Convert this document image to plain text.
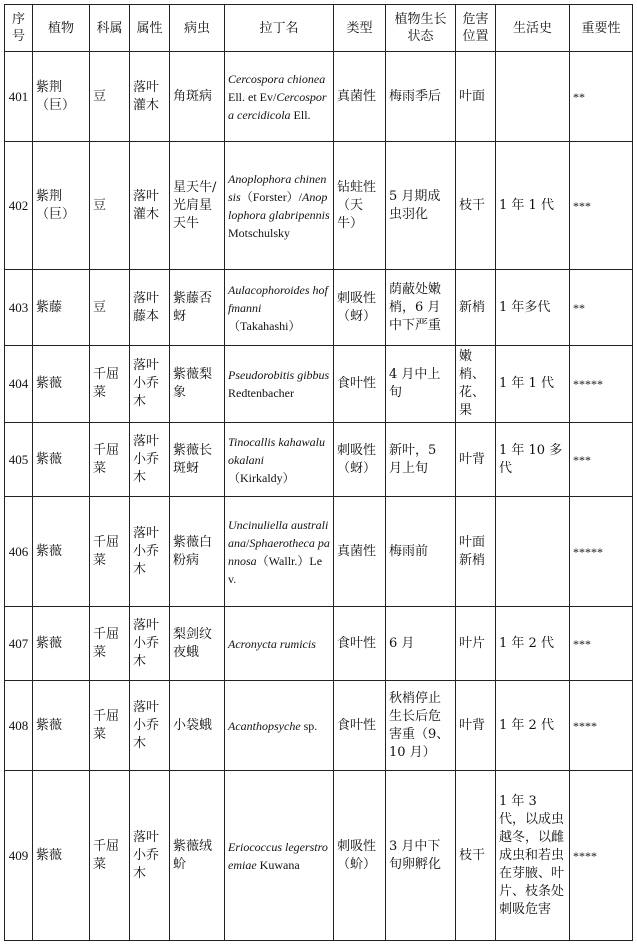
序号	植物	科属	属性	病虫	拉丁名	类型	植物生长状态	危害位置	生活史	重要性
401	紫荆（巨）	豆	落叶灌木	角斑病	Cercospora chionea Ell. et Ev/Cercospora cercidicola Ell.	真菌性	梅雨季后	叶面		**
402	紫荆（巨）	豆	落叶灌木	星天牛/光肩星天牛	Anoplophora chinensis（Forster）/Anoplophora glabripennis Motschulsky	钻蛀性（天牛）	5 月期成虫羽化	枝干	1 年 1 代	***
403	紫藤	豆	落叶藤本	紫藤否蚜	Aulacophoroides hoffmanni（Takahashi）	刺吸性（蚜）	荫蔽处嫩梢，6 月中下严重	新梢	1 年多代	**
404	紫薇	千屈菜	落叶小乔木	紫薇梨象	Pseudorobitis gibbus Redtenbacher	食叶性	4 月中上旬	嫩梢、花、果	1 年 1 代	*****
405	紫薇	千屈菜	落叶小乔木	紫薇长斑蚜	Tinocallis kahawaluokalani（Kirkaldy）	刺吸性（蚜）	新叶，5 月上旬	叶背	1 年 10 多代	***
406	紫薇	千屈菜	落叶小乔木	紫薇白粉病	Uncinuliella australiana/Sphaerotheca pannosa（Wallr.）Lev.	真菌性	梅雨前	叶面新梢		*****
407	紫薇	千屈菜	落叶小乔木	梨剑纹夜蛾	Acronycta rumicis	食叶性	6 月	叶片	1 年 2 代	***
408	紫薇	千屈菜	落叶小乔木	小袋蛾	Acanthopsyche sp.	食叶性	秋梢停止生长后危害重（9、10 月）	叶背	1 年 2 代	****
409	紫薇	千屈菜	落叶小乔木	紫薇绒蚧	Eriococcus legerstroemiae Kuwana	刺吸性（蚧）	3 月中下旬卵孵化	枝干	1 年 3 代，以成虫越冬，以雌成虫和若虫在芽腋、叶片、枝条处刺吸危害	****
